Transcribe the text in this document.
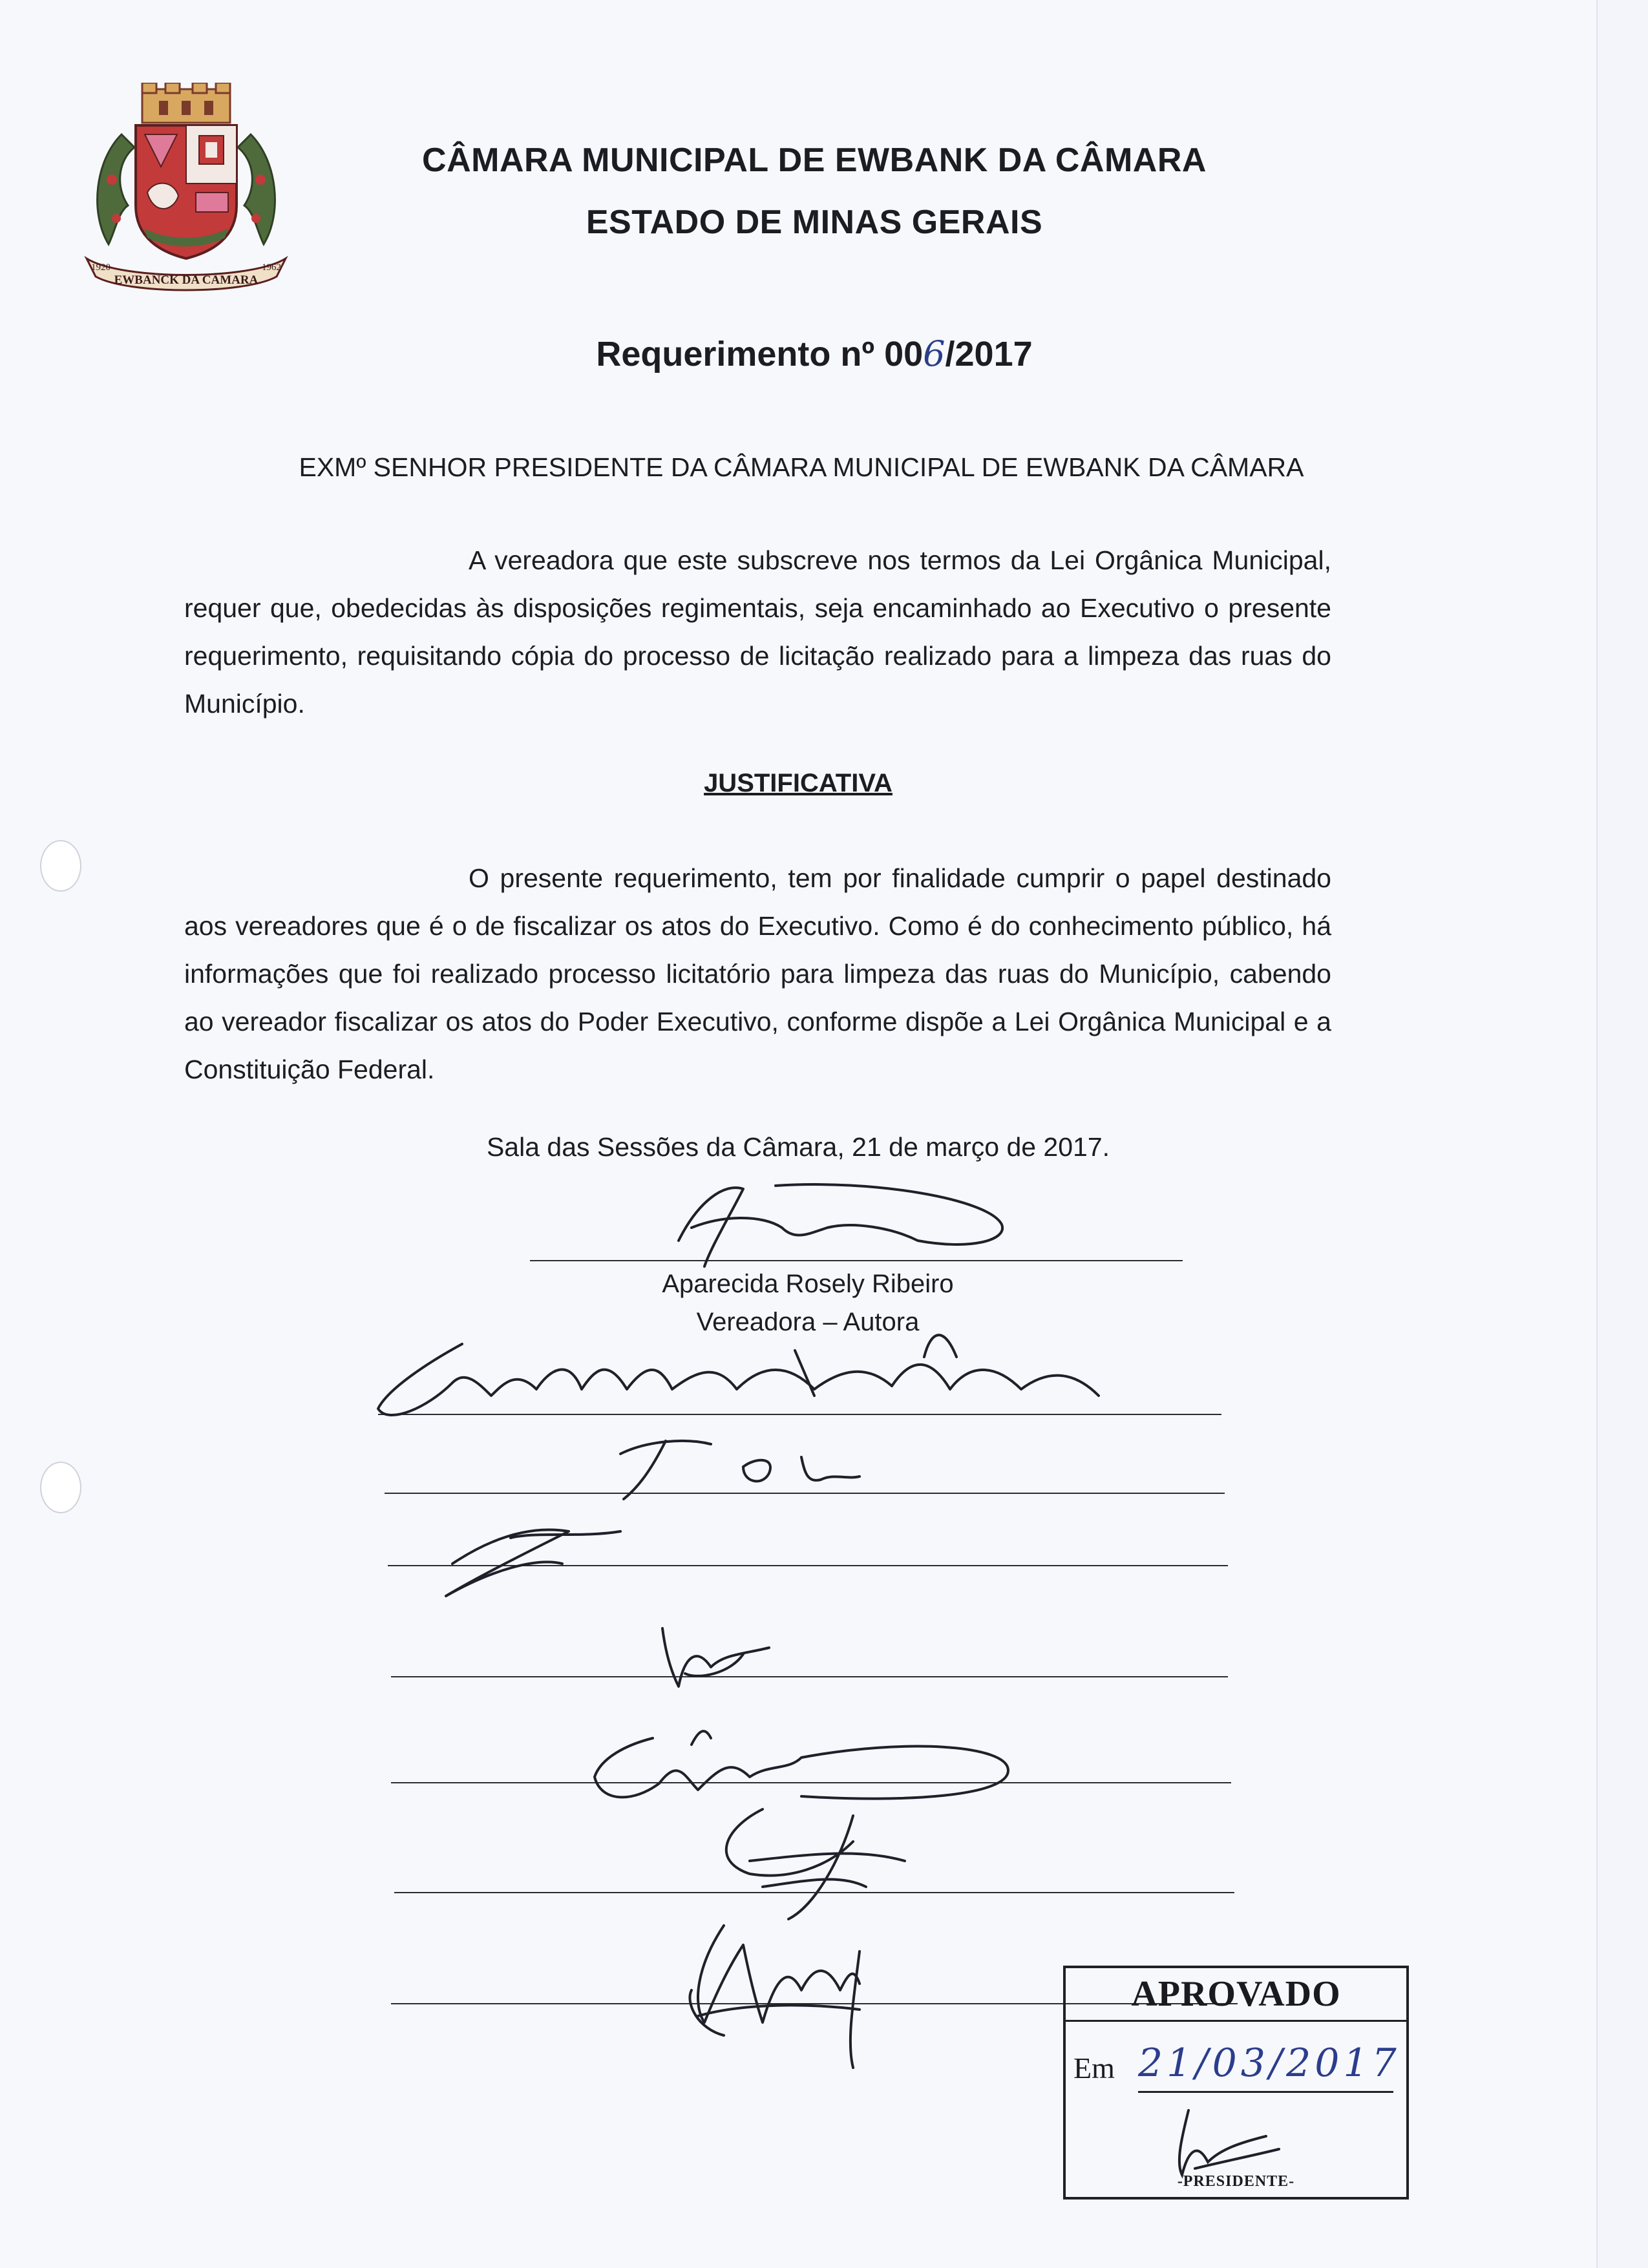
EWBANCK DA CÂMARA
1920	1962
CÂMARA MUNICIPAL DE EWBANK DA CÂMARA
ESTADO DE MINAS GERAIS
Requerimento nº 006/2017
EXMº SENHOR PRESIDENTE DA CÂMARA MUNICIPAL DE EWBANK DA CÂMARA
A vereadora que este subscreve nos termos da Lei Orgânica Municipal, requer que, obedecidas às disposições regimentais, seja encaminhado ao Executivo o presente requerimento, requisitando cópia do processo de licitação realizado para a limpeza das ruas do Município.
JUSTIFICATIVA
O presente requerimento, tem por finalidade cumprir o papel destinado aos vereadores que é o de fiscalizar os atos do Executivo. Como é do conhecimento público, há informações que foi realizado processo licitatório para limpeza das ruas do Município, cabendo ao vereador fiscalizar os atos do Poder Executivo, conforme dispõe a Lei Orgânica Municipal e a Constituição Federal.
Sala das Sessões da Câmara, 21 de março de 2017.
Aparecida Rosely Ribeiro
Vereadora – Autora
APROVADO
Em 21/03/2017
-PRESIDENTE-
